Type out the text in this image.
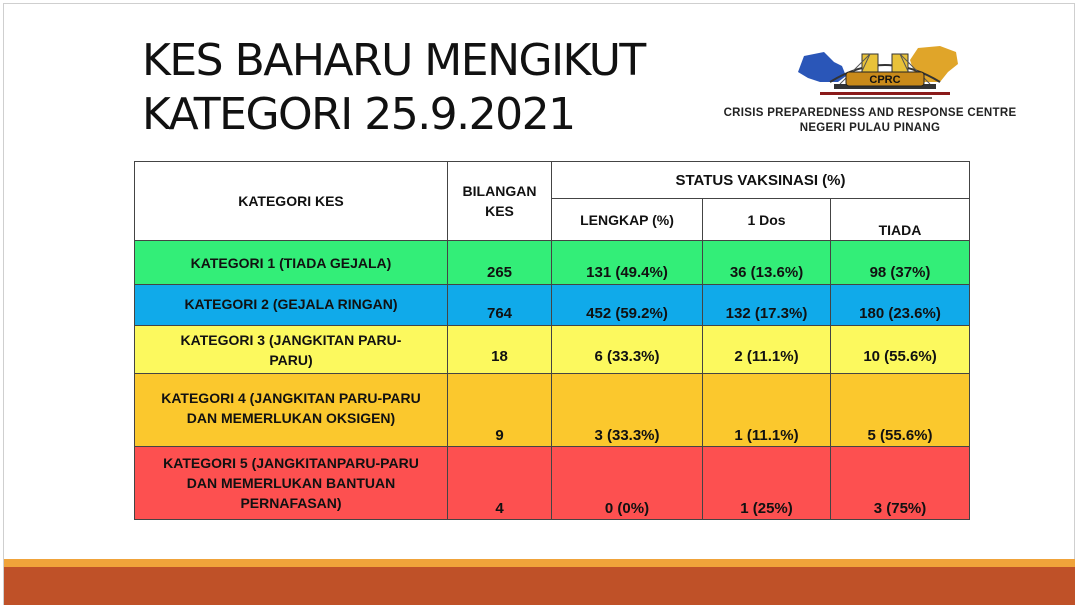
KES BAHARU MENGIKUT
KATEGORI 25.9.2021
CPRC
CRISIS PREPAREDNESS AND RESPONSE CENTRE
NEGERI PULAU PINANG
KATEGORI KES	BILANGAN KES	STATUS VAKSINASI (%)		
		LENGKAP (%)	1 Dos	TIADA
KATEGORI 1 (TIADA GEJALA)	265	131 (49.4%)	36 (13.6%)	98 (37%)
KATEGORI 2 (GEJALA RINGAN)	764	452 (59.2%)	132 (17.3%)	180 (23.6%)

KATEGORI 3 (JANGKITAN PARU-
PARU)	18	6 (33.3%)	2 (11.1%)	10 (55.6%)

KATEGORI 4 (JANGKITAN PARU-PARU
DAN MEMERLUKAN OKSIGEN)	9	3 (33.3%)	1 (11.1%)	5 (55.6%)

KATEGORI 5 (JANGKITANPARU-PARU
DAN MEMERLUKAN BANTUAN
PERNAFASAN)	4	0 (0%)	1 (25%)	3 (75%)
